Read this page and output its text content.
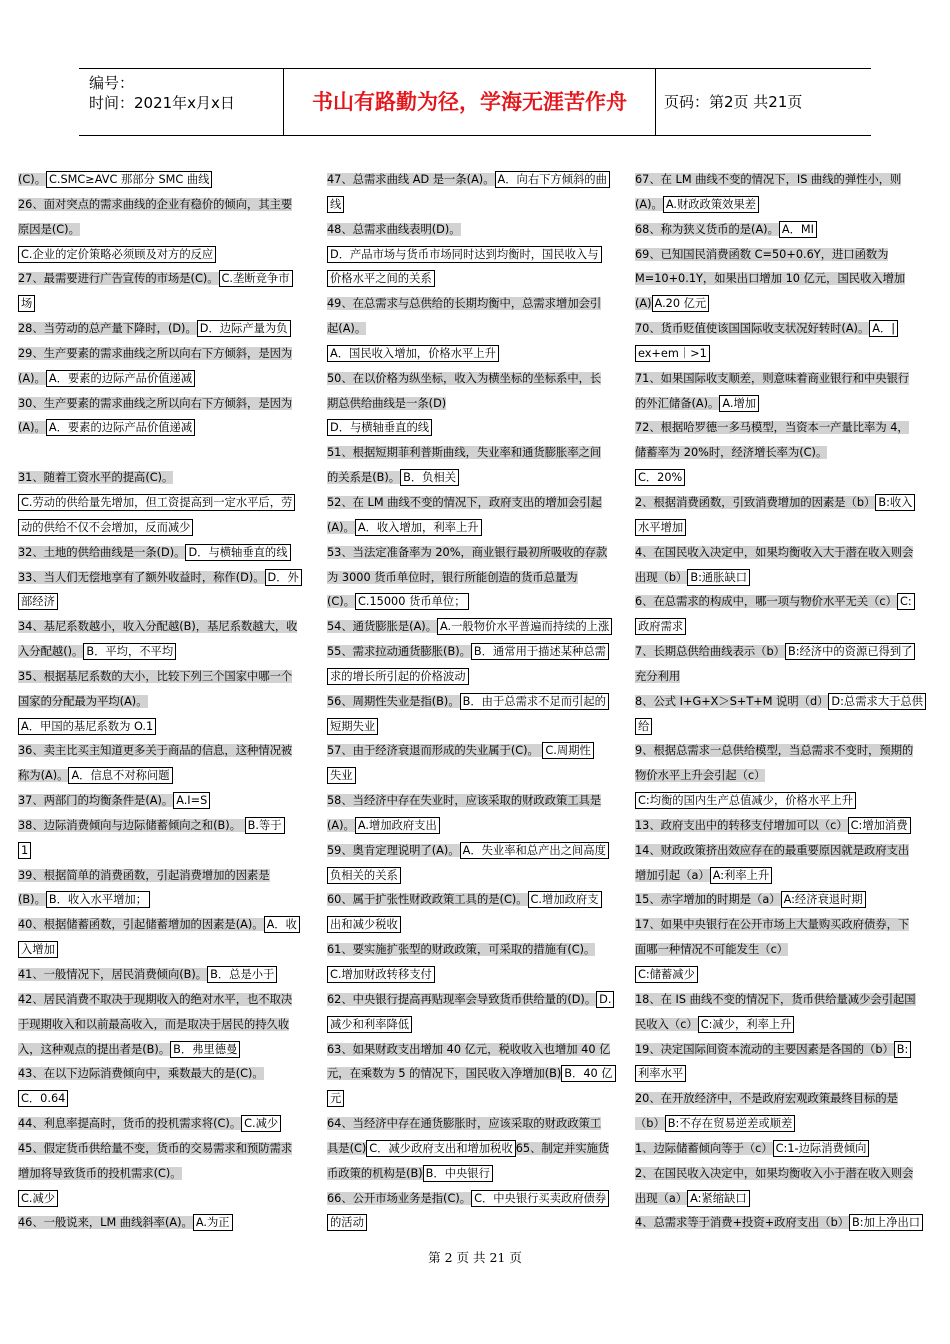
编号：
时间：2021年x月x日	书山有路勤为径，学海无涯苦作舟	页码：第2页 共21页
(C)。 C.SMC≥AVC 那部分 SMC 曲线
26、面对突点的需求曲线的企业有稳价的倾向，其主要
原因是(C)。
C.企业的定价策略必须顾及对方的反应
27、最需要进行广告宣传的市场是(C)。 C.垄断竞争市
场
28、当劳动的总产量下降时，(D)。 D．边际产量为负
29、生产要素的需求曲线之所以向右下方倾斜，是因为
(A)。 A．要素的边际产品价值递减
30、生产要素的需求曲线之所以向右下方倾斜，是因为
(A)。 A．要素的边际产品价值递减
31、随着工资水平的提高(C)。
C.劳动的供给量先增加，但工资提高到一定水平后，劳
动的供给不仅不会增加，反而减少
32、土地的供给曲线是一条(D)。 D．与横轴垂直的线
33、当人们无偿地享有了额外收益时，称作(D)。 D．外
部经济
34、基尼系数越小，收入分配越(B)，基尼系数越大，收
入分配越()。 B．平均，不平均
35、根据基尼系数的大小，比较下列三个国家中哪一个
国家的分配最为平均(A)。
A．甲国的基尼系数为 O.1
36、卖主比买主知道更多关于商品的信息，这种情况被
称为(A)。 A．信息不对称问题
37、两部门的均衡条件是(A)。 A.I=S
38、边际消费倾向与边际储蓄倾向之和(B)。 B.等于
1
39、根据简单的消费函数，引起消费增加的因素是
(B)。 B．收入水平增加；
40、根据储蓄函数，引起储蓄增加的因素是(A)。 A．收
入增加
41、一般情况下，居民消费倾向(B)。 B．总是小于
42、居民消费不取决于现期收入的绝对水平，也不取决
于现期收入和以前最高收入，而是取决于居民的持久收
入，这种观点的提出者是(B)。 B．弗里德曼
43、在以下边际消费倾向中，乘数最大的是(C)。
C．0.64
44、利息率提高时，货币的投机需求将(C)。 C.减少
45、假定货币供给量不变，货币的交易需求和预防需求
增加将导致货币的投机需求(C)。
C.减少
46、一般说来，LM 曲线斜率(A)。 A.为正
47、总需求曲线 AD 是一条(A)。 A．向右下方倾斜的曲
线
48、总需求曲线表明(D)。
D．产品市场与货币市场同时达到均衡时，国民收入与
价格水平之间的关系
49、在总需求与总供给的长期均衡中，总需求增加会引
起(A)。
A．国民收入增加，价格水平上升
50、在以价格为纵坐标，收入为横坐标的坐标系中，长
期总供给曲线是一条(D)
D．与横轴垂直的线
51、根据短期菲利普斯曲线，失业率和通货膨胀率之间
的关系是(B)。 B．负相关
52、在 LM 曲线不变的情况下，政府支出的增加会引起
(A)。 A．收入增加，利率上升
53、当法定准备率为 20%，商业银行最初所吸收的存款
为 3000 货币单位时，银行所能创造的货币总量为
(C)。 C.15000 货币单位；
54、通货膨胀是(A)。 A.一般物价水平普遍而持续的上涨
55、需求拉动通货膨胀(B)。 B．通常用于描述某种总需
求的增长所引起的价格波动
56、周期性失业是指(B)。 B．由于总需求不足而引起的
短期失业
57、由于经济衰退而形成的失业属于(C)。 C.周期性
失业
58、当经济中存在失业时，应该采取的财政政策工具是
(A)。 A.增加政府支出
59、奥肯定理说明了(A)。 A．失业率和总产出之间高度
负相关的关系
60、属于扩张性财政政策工具的是(C)。 C.增加政府支
出和减少税收
61、要实施扩张型的财政政策，可采取的措施有(C)。
C.增加财政转移支付
62、中央银行提高再贴现率会导致货币供给量的(D)。 D.
减少和利率降低
63、如果财政支出增加 40 亿元，税收收入也增加 40 亿
元，在乘数为 5 的情况下，国民收入净增加(B) B．40 亿
元
64、当经济中存在通货膨胀时，应该采取的财政政策工
具是(C) C．减少政府支出和增加税收 65、制定并实施货
币政策的机构是(B) B．中央银行
66、公开市场业务是指(C)。 C．中央银行买卖政府债券
的活动
67、在 LM 曲线不变的情况下，IS 曲线的弹性小，则
(A)。 A.财政政策效果差
68、称为狭义货币的是(A)。 A．MI
69、已知国民消费函数 C=50+0.6Y，进口函数为
M=10+0.1Y，如果出口增加 10 亿元，国民收入增加
(A) A.20 亿元
70、货币贬值使该国国际收支状况好转时(A)。 A．|
ex+em｜>1
71、如果国际收支顺差，则意味着商业银行和中央银行
的外汇储备(A)。 A.增加
72、根据哈罗德一多马模型，当资本一产量比率为 4，
储蓄率为 20%时，经济增长率为(C)。
C．20%
2、根据消费函数，引致消费增加的因素是（b） B:收入
水平增加
4、在国民收入决定中，如果均衡收入大于潜在收入则会
出现（b） B:通胀缺口
6、在总需求的构成中，哪一项与物价水平无关（c） C:
政府需求
7、长期总供给曲线表示（b） B:经济中的资源已得到了
充分利用
8、公式 I+G+X＞S+T+M 说明（d） D:总需求大于总供
给
9、根据总需求一总供给模型，当总需求不变时，预期的
物价水平上升会引起（c）
C:均衡的国内生产总值减少，价格水平上升
13、政府支出中的转移支付增加可以（c） C:增加消费
14、财政政策挤出效应存在的最重要原因就是政府支出
增加引起（a） A:利率上升
15、赤字增加的时期是（a） A:经济衰退时期
17、如果中央银行在公开市场上大量购买政府债券，下
面哪一种情况不可能发生（c）
C:储蓄减少
18、在 IS 曲线不变的情况下，货币供给量减少会引起国
民收入（c） C:减少，利率上升
19、决定国际间资本流动的主要因素是各国的（b） B:
利率水平
20、在开放经济中，不是政府宏观政策最终目标的是
（b） B:不存在贸易逆差或顺差
1、边际储蓄倾向等于（c） C:1-边际消费倾向
2、在国民收入决定中，如果均衡收入小于潜在收入则会
出现（a） A:紧缩缺口
4、总需求等于消费+投资+政府支出（b） B:加上净出口
第 2 页 共 21 页
